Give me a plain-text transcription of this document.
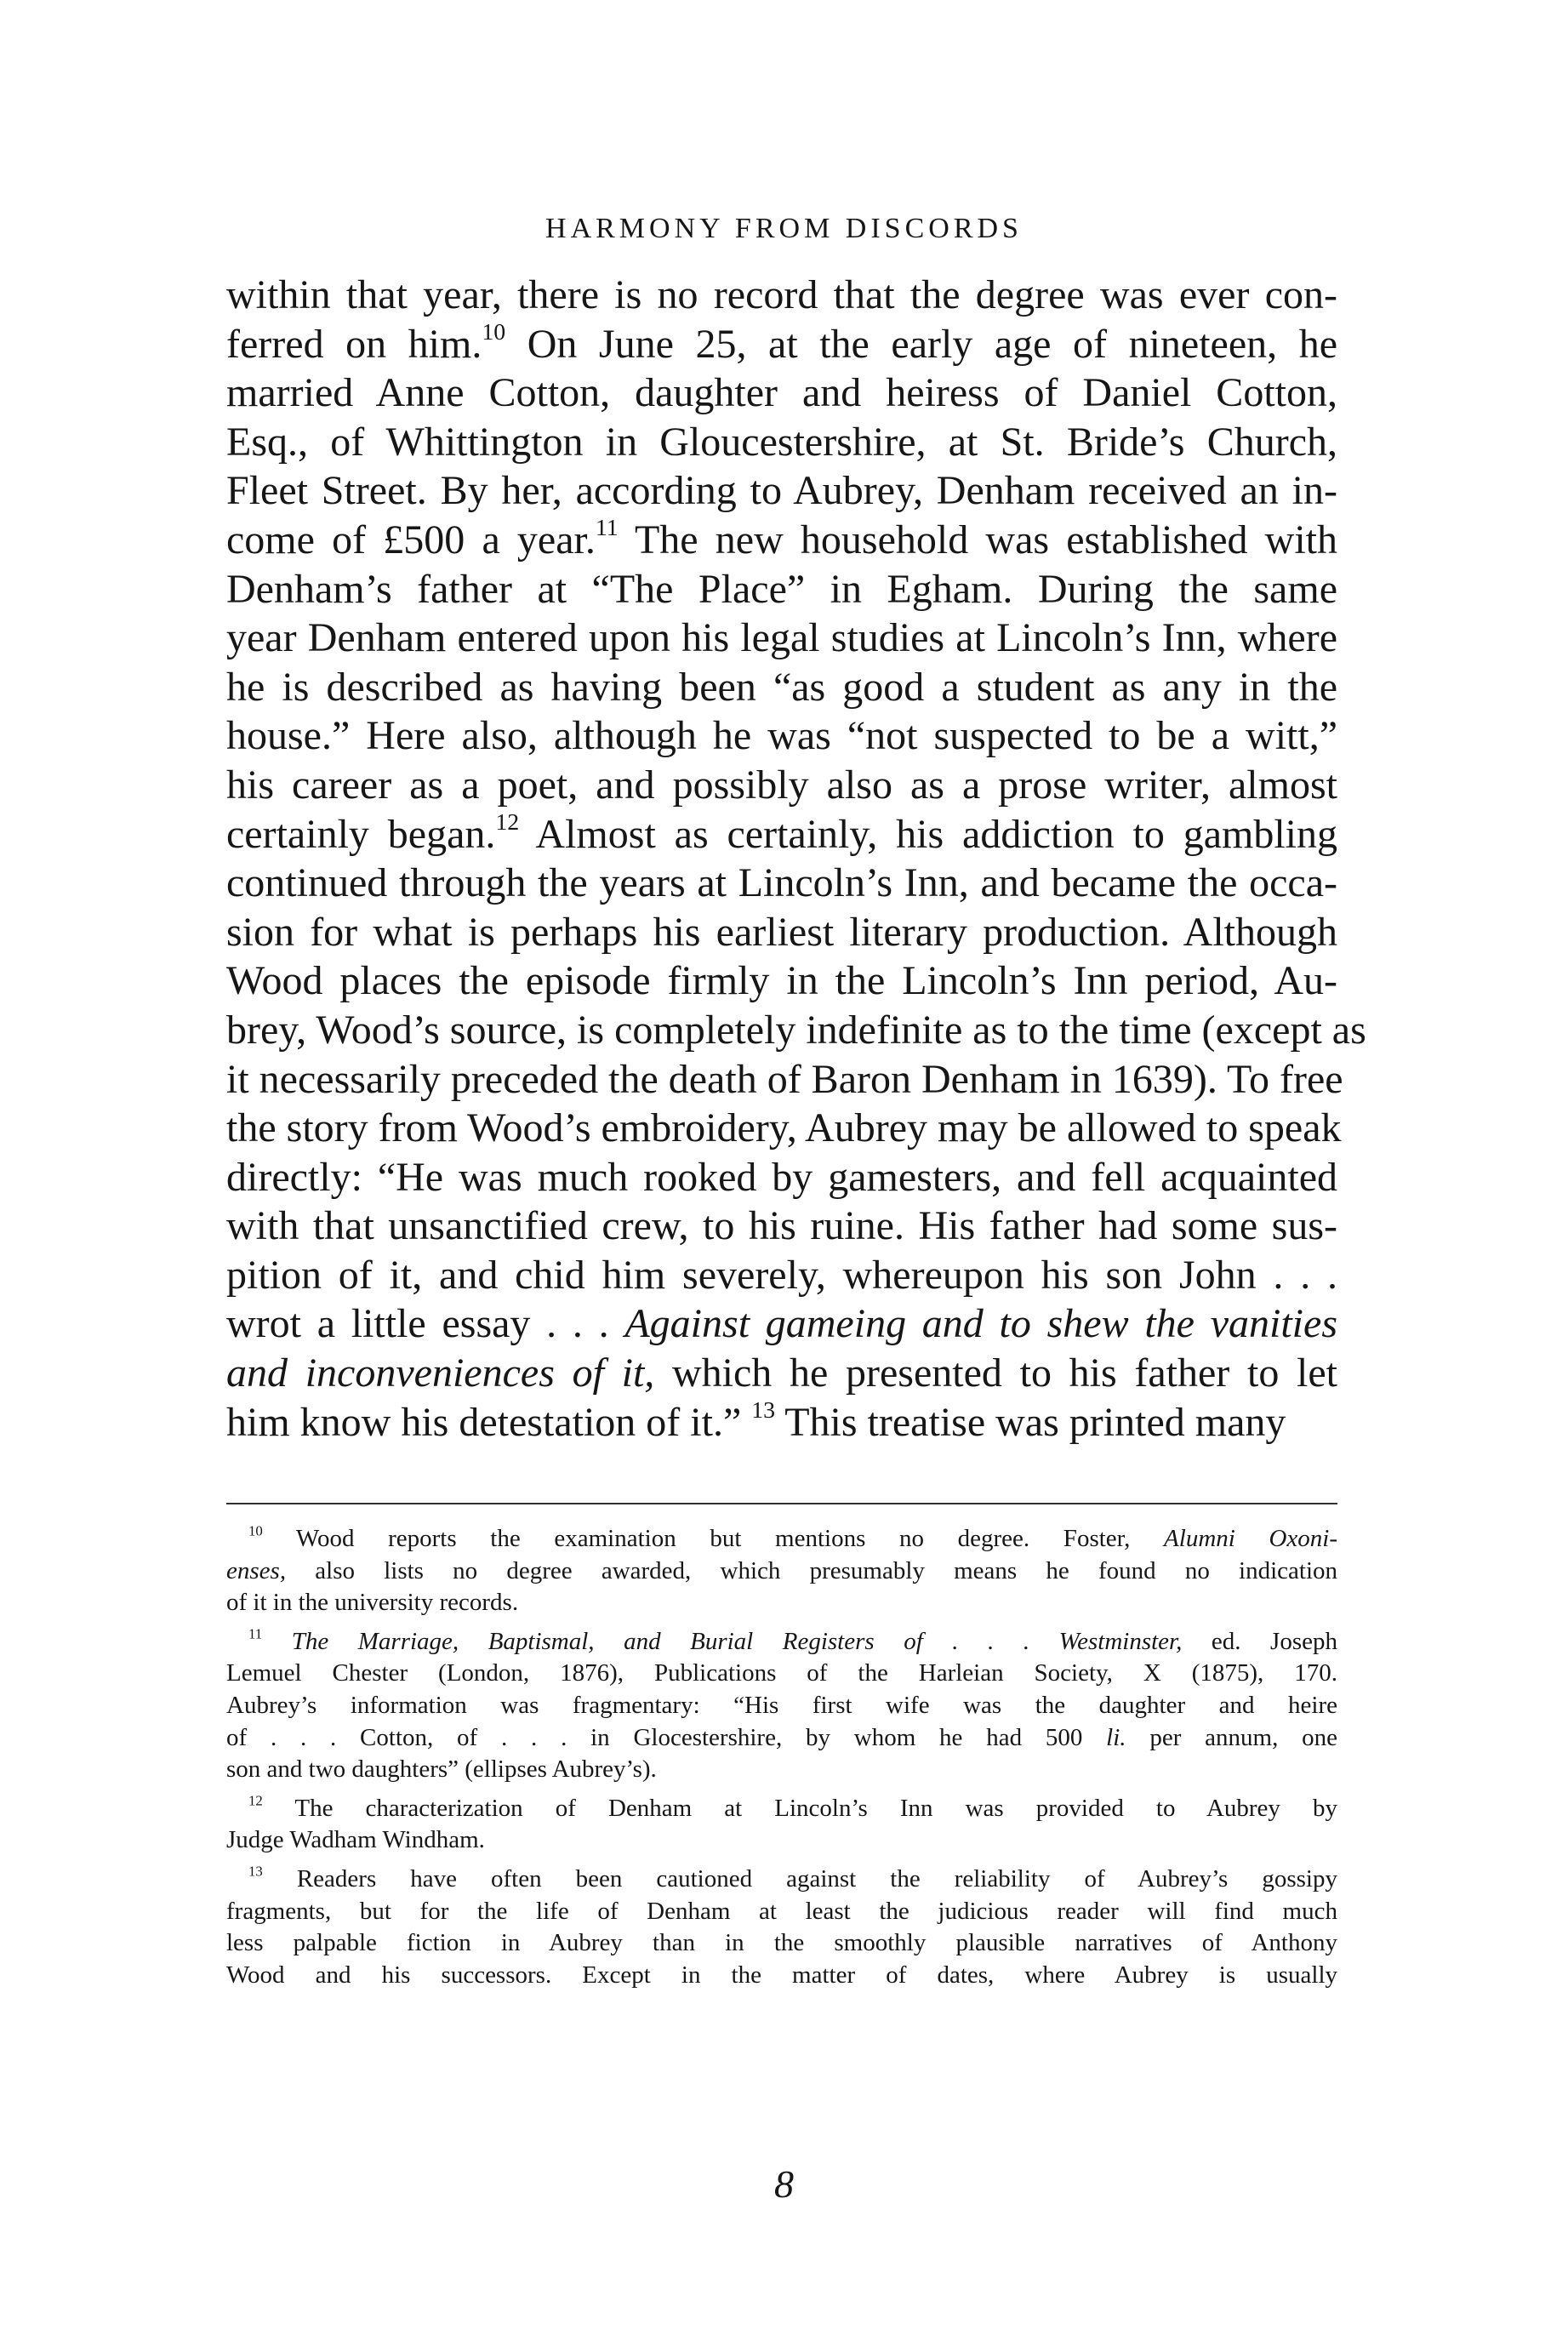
HARMONY FROM DISCORDS
within that year, there is no record that the degree was ever con-
ferred on him.$^{10}$ On June 25, at the early age of nineteen, he
married Anne Cotton, daughter and heiress of Daniel Cotton,
Esq., of Whittington in Gloucestershire, at St. Bride’s Church,
Fleet Street. By her, according to Aubrey, Denham received an in-
come of £500 a year.$^{11}$ The new household was established with
Denham’s father at “The Place” in Egham. During the same
year Denham entered upon his legal studies at Lincoln’s Inn, where
he is described as having been “as good a student as any in the
house.” Here also, although he was “not suspected to be a witt,”
his career as a poet, and possibly also as a prose writer, almost
certainly began.$^{12}$ Almost as certainly, his addiction to gambling
continued through the years at Lincoln’s Inn, and became the occa-
sion for what is perhaps his earliest literary production. Although
Wood places the episode firmly in the Lincoln’s Inn period, Au-
brey, Wood’s source, is completely indefinite as to the time (except as
it necessarily preceded the death of Baron Denham in 1639). To free
the story from Wood’s embroidery, Aubrey may be allowed to speak
directly: “He was much rooked by gamesters, and fell acquainted
with that unsanctified crew, to his ruine. His father had some sus-
pition of it, and chid him severely, whereupon his son John . . .
wrot a little essay . . . Against gameing and to shew the vanities
and inconveniences of it, which he presented to his father to let
him know his detestation of it.” $^{13}$ This treatise was printed many
$^{10}$ Wood reports the examination but mentions no degree. Foster, Alumni Oxoni-
enses, also lists no degree awarded, which presumably means he found no indication
of it in the university records.
$^{11}$ The Marriage, Baptismal, and Burial Registers of . . . Westminster, ed. Joseph
Lemuel Chester (London, 1876), Publications of the Harleian Society, X (1875), 170.
Aubrey’s information was fragmentary: “His first wife was the daughter and heire
of . . . Cotton, of . . . in Glocestershire, by whom he had 500 li. per annum, one
son and two daughters” (ellipses Aubrey’s).
$^{12}$ The characterization of Denham at Lincoln’s Inn was provided to Aubrey by
Judge Wadham Windham.
$^{13}$ Readers have often been cautioned against the reliability of Aubrey’s gossipy
fragments, but for the life of Denham at least the judicious reader will find much
less palpable fiction in Aubrey than in the smoothly plausible narratives of Anthony
Wood and his successors. Except in the matter of dates, where Aubrey is usually
8
